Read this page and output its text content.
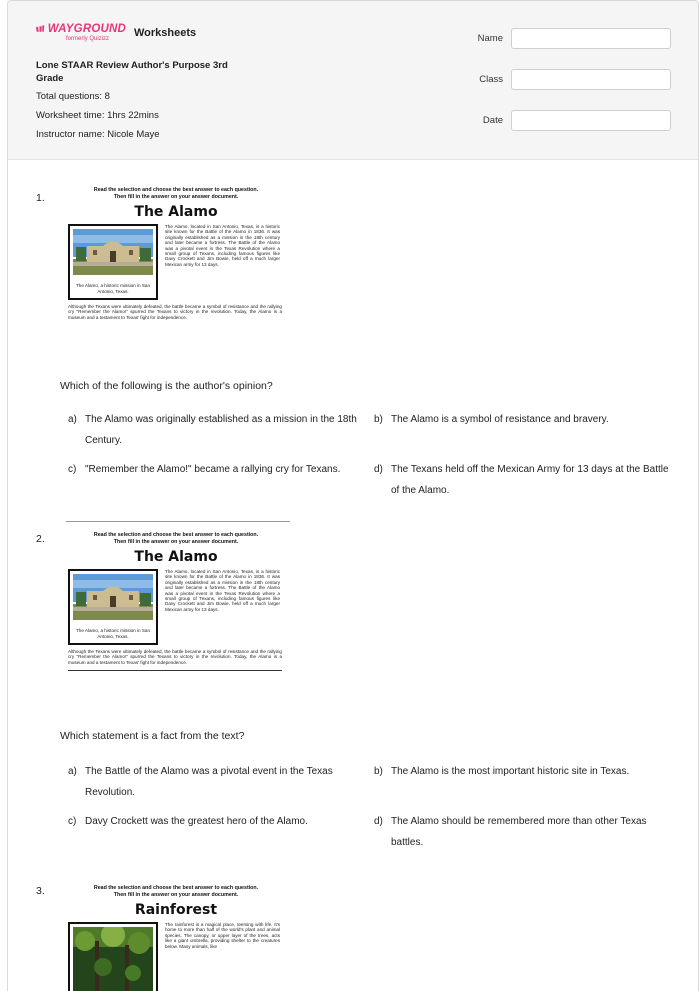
WAYGROUND
formerly Quizizz	Worksheets
Lone STAAR Review Author's Purpose 3rd Grade
Total questions: 8
Worksheet time: 1hrs 22mins
Instructor name: Nicole Maye
Name
Class
Date
1.
Read the selection and choose the best answer to each question.
Then fill in the answer on your answer document.
The Alamo
The Alamo, a historic mission in San Antonio, Texas.
The Alamo, located in San Antonio, Texas, is a historic site known for the Battle of the Alamo in 1836. It was originally established as a mission in the 18th century and later became a fortress. The Battle of the Alamo was a pivotal event in the Texas Revolution where a small group of Texans, including famous figures like Davy Crockett and Jim Bowie, held off a much larger Mexican army for 13 days.
Although the Texans were ultimately defeated, the battle became a symbol of resistance and the rallying cry "Remember the Alamo!" spurred the Texans to victory in the revolution. Today, the Alamo is a museum and a testament to Texas' fight for independence.
Which of the following is the author's opinion?
a) The Alamo was originally established as a mission in the 18th Century.
b) The Alamo is a symbol of resistance and bravery.
c) "Remember the Alamo!" became a rallying cry for Texans.	d) The Texans held off the Mexican Army for 13 days at the Battle of the Alamo.
2.	Read the selection and choose the best answer to each question.
Then fill in the answer on your answer document.
The Alamo
The Alamo, a historic mission in San Antonio, Texas.
The Alamo, located in San Antonio, Texas, is a historic site known for the Battle of the Alamo in 1836. It was originally established as a mission in the 18th century and later became a fortress. The Battle of the Alamo was a pivotal event in the Texas Revolution where a small group of Texans, including famous figures like Davy Crockett and Jim Bowie, held off a much larger Mexican army for 13 days.
Although the Texans were ultimately defeated, the battle became a symbol of resistance and the rallying cry "Remember the Alamo!" spurred the Texans to victory in the revolution. Today, the Alamo is a museum and a testament to Texas' fight for independence.
Which statement is a fact from the text?
a) The Battle of the Alamo was a pivotal event in the Texas Revolution.
b) The Alamo is the most important historic site in Texas.
c) Davy Crockett was the greatest hero of the Alamo.	d) The Alamo should be remembered more than other Texas battles.
3.	Read the selection and choose the best answer to each question.
Then fill in the answer on your answer document.
Rainforest
The rainforest is a magical place, teeming with life. It's home to more than half of the world's plant and animal species. The canopy, or upper layer of the trees, acts like a giant umbrella, providing shelter to the creatures below. Many animals, like
